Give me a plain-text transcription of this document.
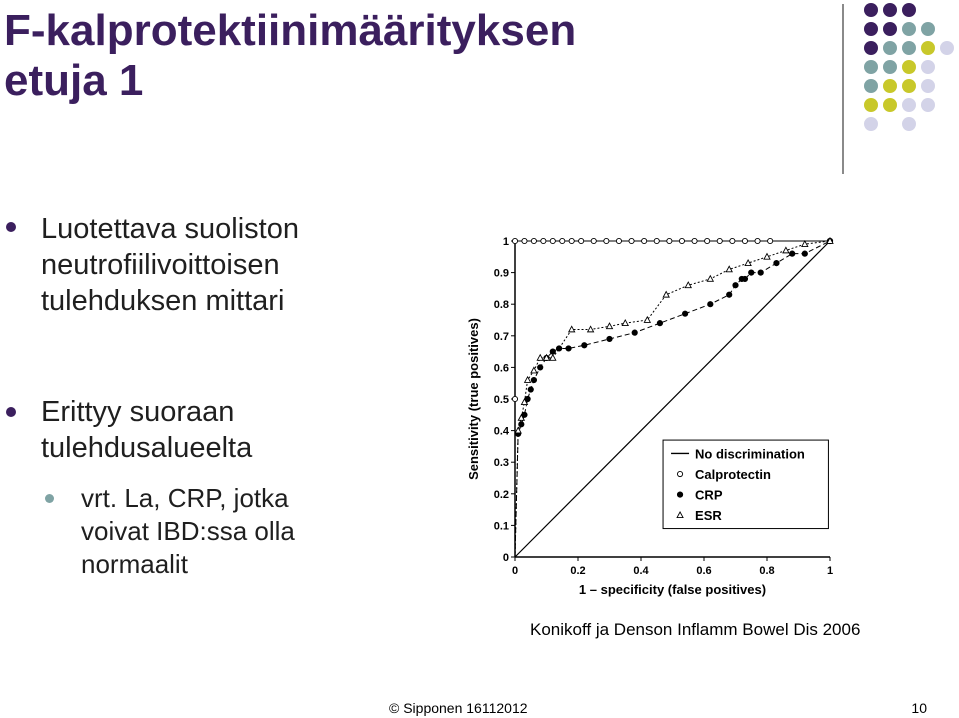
F-kalprotektiinimäärityksen
etuja 1

Luotettava suoliston
neutrofiilivoittoisen
tulehduksen mittari

Erittyy suoraan
tulehdusalueelta

vrt. La, CRP, jotka
voivat IBD:ssa olla
normaalit	0
0.1
0.2
0.3
0.4
0.5
0.6
0.7
0.8
0.9
1
0	0.2	0.4	0.6	0.8	1
1 – specificity (false positives)
Sensitivity (true positives)	No discrimination
Calprotectin
CRP
ESR
Konikoff ja Denson Inflamm Bowel Dis 2006
© Sipponen 16112012	10
